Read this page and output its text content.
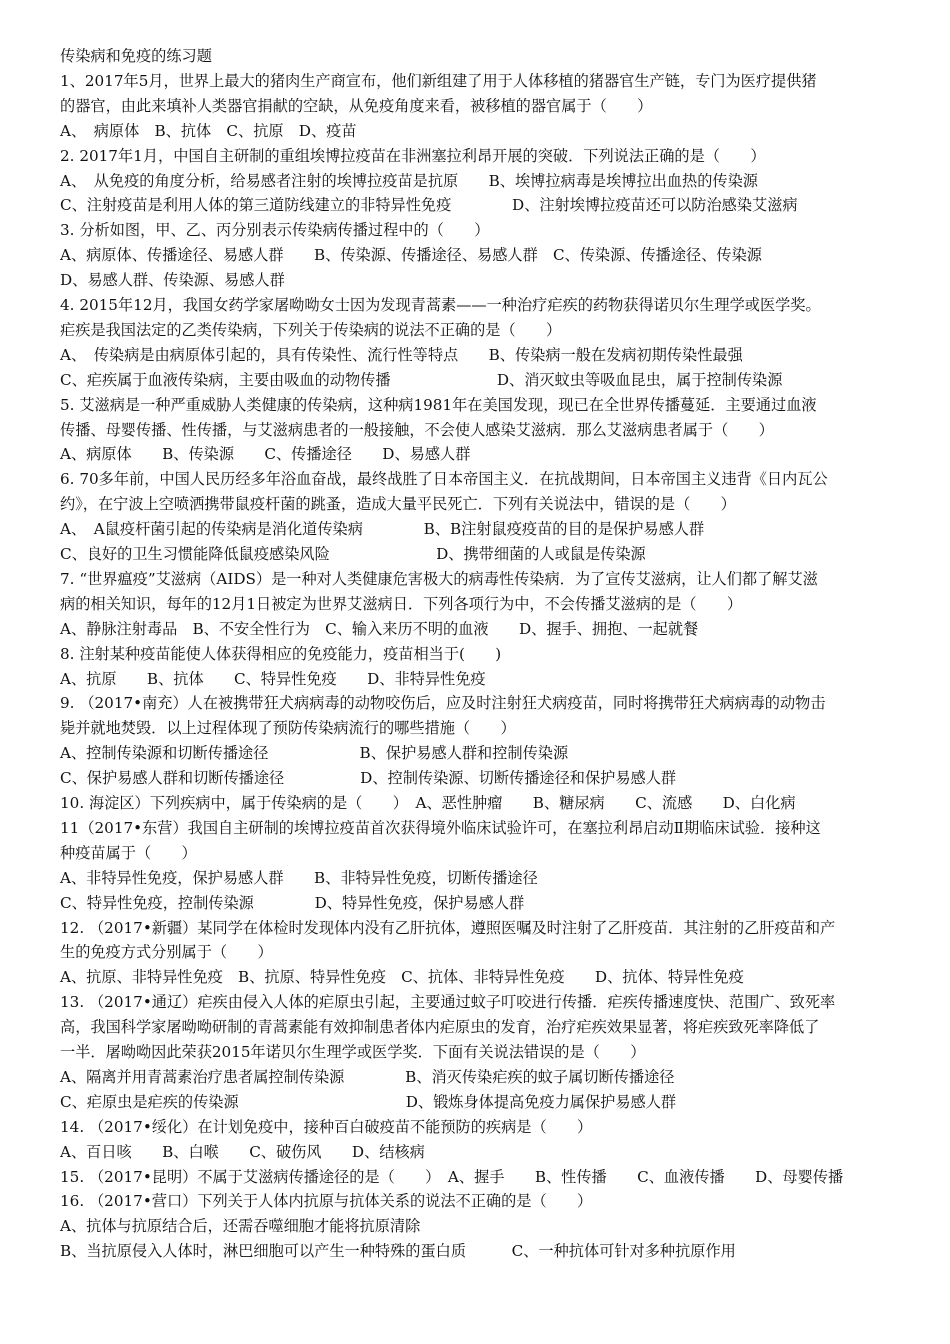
传染病和免疫的练习题
1、2017年5月，世界上最大的猪肉生产商宣布，他们新组建了用于人体移植的猪器官生产链，专门为医疗提供猪
的器官，由此来填补人类器官捐献的空缺，从免疫角度来看，被移植的器官属于（　　）
A、　病原体　B、抗体　C、抗原　D、疫苗
2. 2017年1月，中国自主研制的重组埃博拉疫苗在非洲塞拉利昂开展的突破．下列说法正确的是（　　）
A、　从免疫的角度分析，给易感者注射的埃博拉疫苗是抗原　　B、埃博拉病毒是埃博拉出血热的传染源
C、注射疫苗是利用人体的第三道防线建立的非特异性免疫　　　　D、注射埃博拉疫苗还可以防治感染艾滋病
3. 分析如图，甲、乙、丙分别表示传染病传播过程中的（　　）
A、病原体、传播途径、易感人群　　B、传染源、传播途径、易感人群　C、传染源、传播途径、传染源
D、易感人群、传染源、易感人群
4. 2015年12月，我国女药学家屠呦呦女士因为发现青蒿素——一种治疗疟疾的药物获得诺贝尔生理学或医学奖。
疟疾是我国法定的乙类传染病，下列关于传染病的说法不正确的是（　　）
A、　传染病是由病原体引起的，具有传染性、流行性等特点　　B、传染病一般在发病初期传染性最强
C、疟疾属于血液传染病，主要由吸血的动物传播　　　　　　　D、消灭蚊虫等吸血昆虫，属于控制传染源
5. 艾滋病是一种严重威胁人类健康的传染病，这种病1981年在美国发现，现已在全世界传播蔓延．主要通过血液
传播、母婴传播、性传播，与艾滋病患者的一般接触，不会使人感染艾滋病．那么艾滋病患者属于（　　）
A、病原体　　B、传染源　　C、传播途径　　D、易感人群
6. 70多年前，中国人民历经多年浴血奋战，最终战胜了日本帝国主义．在抗战期间，日本帝国主义违背《日内瓦公
约》，在宁波上空喷洒携带鼠疫杆菌的跳蚤，造成大量平民死亡．下列有关说法中，错误的是（　　）
A、　A鼠疫杆菌引起的传染病是消化道传染病　　　　B、B注射鼠疫疫苗的目的是保护易感人群
C、良好的卫生习惯能降低鼠疫感染风险　　　　　　　D、携带细菌的人或鼠是传染源
7. “世界瘟疫”艾滋病（AIDS）是一种对人类健康危害极大的病毒性传染病．为了宣传艾滋病，让人们都了解艾滋
病的相关知识，每年的12月1日被定为世界艾滋病日．下列各项行为中，不会传播艾滋病的是（　　）
A、静脉注射毒品　B、不安全性行为　C、输入来历不明的血液　　D、握手、拥抱、一起就餐
8. 注射某种疫苗能使人体获得相应的免疫能力，疫苗相当于(　　)
A、抗原　　B、抗体　　C、特异性免疫　　D、非特异性免疫
9. （2017•南充）人在被携带狂犬病病毒的动物咬伤后，应及时注射狂犬病疫苗，同时将携带狂犬病病毒的动物击
毙并就地焚毁．以上过程体现了预防传染病流行的哪些措施（　　）
A、控制传染源和切断传播途径　　　　　　B、保护易感人群和控制传染源
C、保护易感人群和切断传播途径　　　　　D、控制传染源、切断传播途径和保护易感人群
10. 海淀区）下列疾病中，属于传染病的是（　　）　A、恶性肿瘤　　B、糖尿病　　C、流感　　D、白化病
11（2017•东营）我国自主研制的埃博拉疫苗首次获得境外临床试验许可，在塞拉利昂启动Ⅱ期临床试验．接种这
种疫苗属于（　　）
A、非特异性免疫，保护易感人群　　B、非特异性免疫，切断传播途径
C、特异性免疫，控制传染源　　　　D、特异性免疫，保护易感人群
12. （2017•新疆）某同学在体检时发现体内没有乙肝抗体，遵照医嘱及时注射了乙肝疫苗．其注射的乙肝疫苗和产
生的免疫方式分别属于（　　）
A、抗原、非特异性免疫　B、抗原、特异性免疫　C、抗体、非特异性免疫　　D、抗体、特异性免疫
13. （2017•通辽）疟疾由侵入人体的疟原虫引起，主要通过蚊子叮咬进行传播．疟疾传播速度快、范围广、致死率
高，我国科学家屠呦呦研制的青蒿素能有效抑制患者体内疟原虫的发育，治疗疟疾效果显著，将疟疾致死率降低了
一半．屠呦呦因此荣获2015年诺贝尔生理学或医学奖．下面有关说法错误的是（　　）
A、隔离并用青蒿素治疗患者属控制传染源　　　　B、消灭传染疟疾的蚊子属切断传播途径
C、疟原虫是疟疾的传染源　　　　　　　　　　　D、锻炼身体提高免疫力属保护易感人群
14. （2017•绥化）在计划免疫中，接种百白破疫苗不能预防的疾病是（　　）
A、百日咳　　B、白喉　　C、破伤风　　D、结核病
15. （2017•昆明）不属于艾滋病传播途径的是（　　）　A、握手　　B、性传播　　C、血液传播　　D、母婴传播
16. （2017•营口）下列关于人体内抗原与抗体关系的说法不正确的是（　　）
A、抗体与抗原结合后，还需吞噬细胞才能将抗原清除
B、当抗原侵入人体时，淋巴细胞可以产生一种特殊的蛋白质　　　C、一种抗体可针对多种抗原作用
